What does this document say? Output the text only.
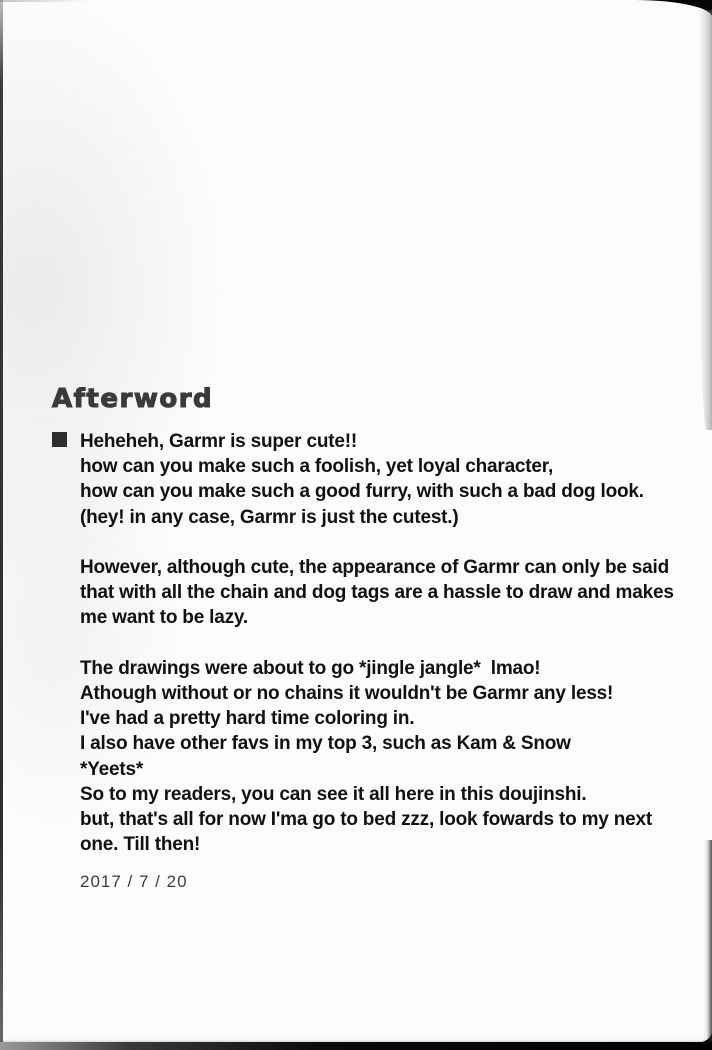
Afterword
Heheheh, Garmr is super cute!!
how can you make such a foolish, yet loyal character,
how can you make such a good furry, with such a bad dog look.
(hey! in any case, Garmr is just the cutest.)
However, although cute, the appearance of Garmr can only be said
that with all the chain and dog tags are a hassle to draw and makes
me want to be lazy.
The drawings were about to go *jingle jangle*  lmao!
Athough without or no chains it wouldn't be Garmr any less!
I've had a pretty hard time coloring in.
I also have other favs in my top 3, such as Kam & Snow
*Yeets*
So to my readers, you can see it all here in this doujinshi.
but, that's all for now I'ma go to bed zzz, look fowards to my next
one. Till then!
2017 / 7 / 20
